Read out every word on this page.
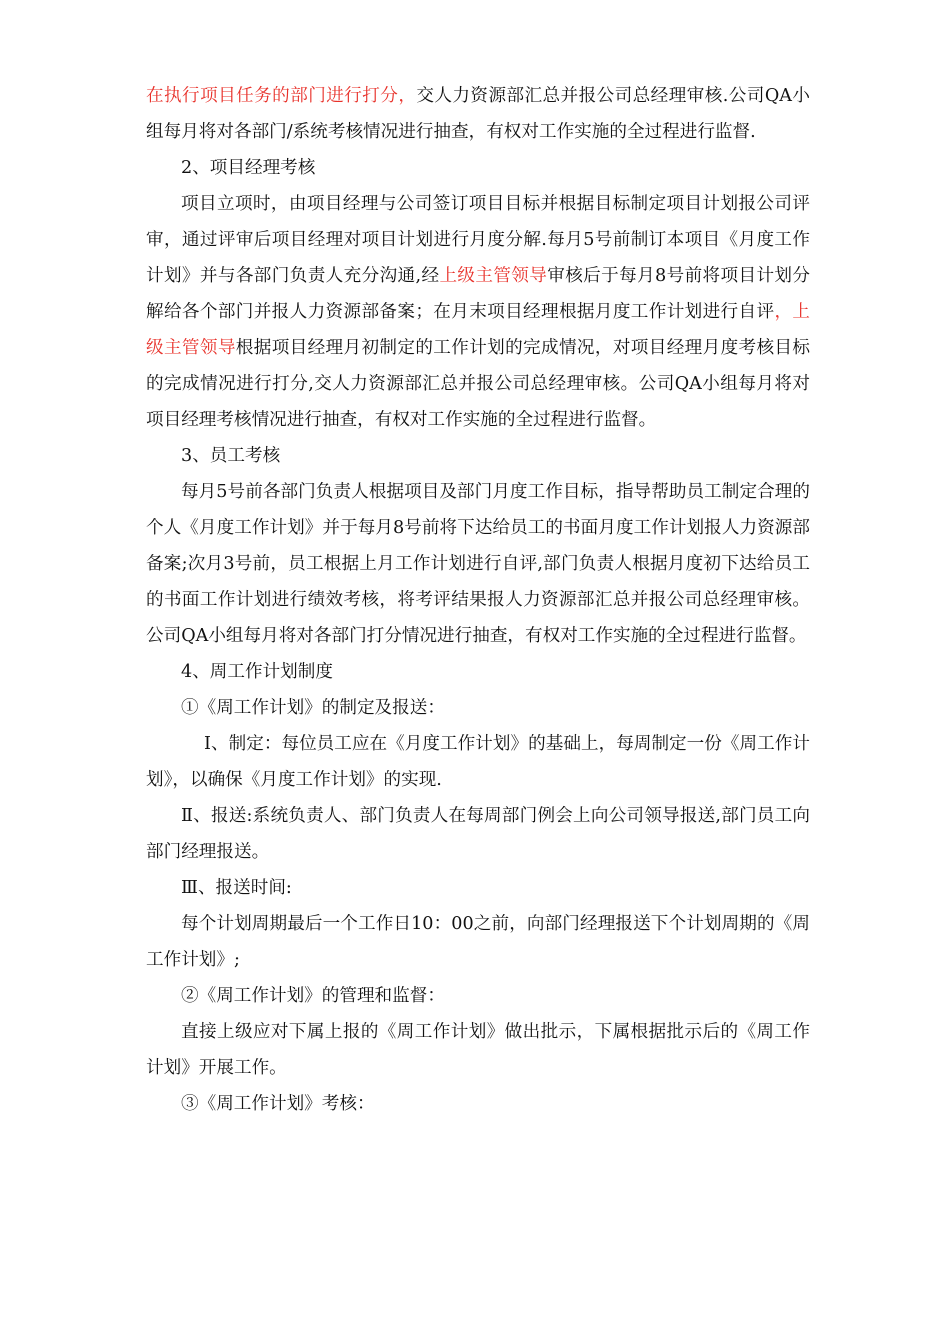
在执行项目任务的部门进行打分，交人力资源部汇总并报公司总经理审核.公司QA小组每月将对各部门/系统考核情况进行抽查，有权对工作实施的全过程进行监督.

2、项目经理考核

项目立项时，由项目经理与公司签订项目目标并根据目标制定项目计划报公司评审，通过评审后项目经理对项目计划进行月度分解.每月5号前制订本项目《月度工作计划》并与各部门负责人充分沟通,经上级主管领导审核后于每月8号前将项目计划分解给各个部门并报人力资源部备案；在月末项目经理根据月度工作计划进行自评，上级主管领导根据项目经理月初制定的工作计划的完成情况，对项目经理月度考核目标的完成情况进行打分,交人力资源部汇总并报公司总经理审核。公司QA小组每月将对项目经理考核情况进行抽查，有权对工作实施的全过程进行监督。

3、员工考核

每月5号前各部门负责人根据项目及部门月度工作目标，指导帮助员工制定合理的个人《月度工作计划》并于每月8号前将下达给员工的书面月度工作计划报人力资源部备案;次月3号前，员工根据上月工作计划进行自评,部门负责人根据月度初下达给员工的书面工作计划进行绩效考核，将考评结果报人力资源部汇总并报公司总经理审核。公司QA小组每月将对各部门打分情况进行抽查，有权对工作实施的全过程进行监督。

4、周工作计划制度

①《周工作计划》的制定及报送：

Ⅰ、制定：每位员工应在《月度工作计划》的基础上，每周制定一份《周工作计划》，以确保《月度工作计划》的实现.

Ⅱ、报送:系统负责人、部门负责人在每周部门例会上向公司领导报送,部门员工向部门经理报送。

Ⅲ、报送时间:

每个计划周期最后一个工作日10：00之前，向部门经理报送下个计划周期的《周工作计划》;

②《周工作计划》的管理和监督：

直接上级应对下属上报的《周工作计划》做出批示，下属根据批示后的《周工作计划》开展工作。

③《周工作计划》考核：
